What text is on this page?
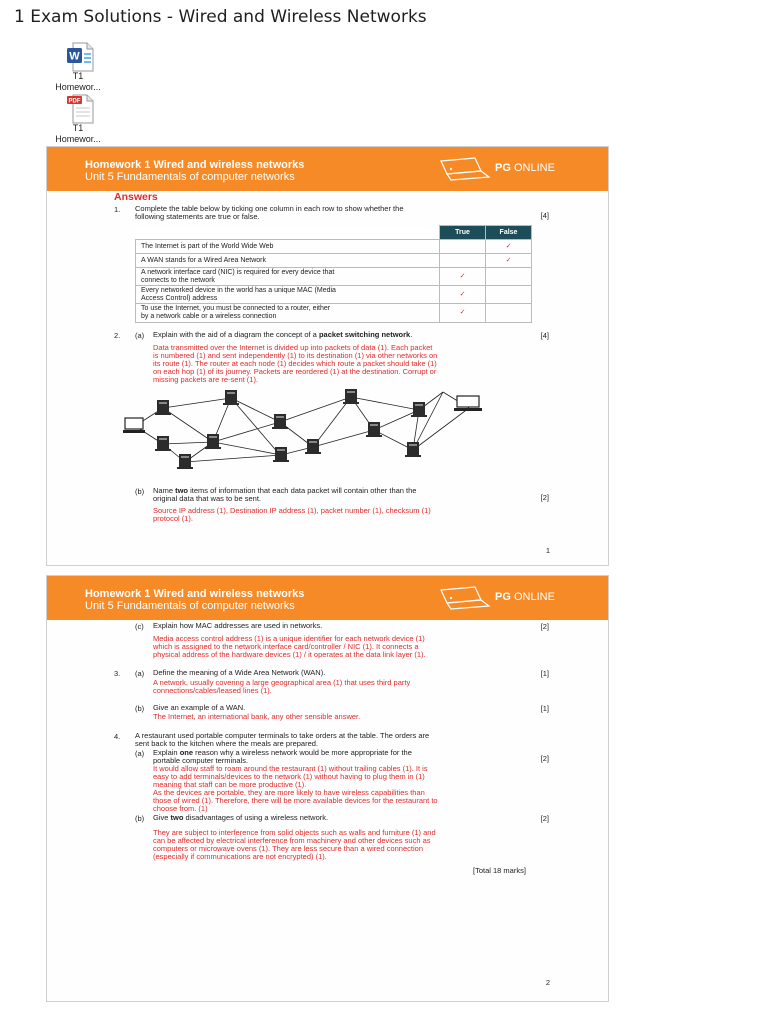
1 Exam Solutions - Wired and Wireless Networks
W
T1
Homewor...
PDF
T1
Homewor...
Homework 1 Wired and wireless networks
Unit 5 Fundamentals of computer networks
PG ONLINE
Answers
1. Complete the table below by ticking one column in each row to show whether the
following statements are true or false.	[4]
	True	False
The Internet is part of the World Wide Web		✓
A WAN stands for a Wired Area Network		✓
A network interface card (NIC) is required for every device that
connects to the network	✓	
Every networked device in the world has a unique MAC (Media
Access Control) address	✓	
To use the Internet, you must be connected to a router, either
by a network cable or a wireless connection	✓	
2. (a) Explain with the aid of a diagram the concept of a packet switching network.	[4]
Data transmitted over the Internet is divided up into packets of data (1). Each packet
is numbered (1) and sent independently (1) to its destination (1) via other networks on
its route (1). The router at each node (1) decides which route a packet should take (1)
on each hop (1) of its journey. Packets are reordered (1) at the destination. Corrupt or
missing packets are re-sent (1).
(b) Name two items of information that each data packet will contain other than the
original data that was to be sent.	[2]
Source IP address (1), Destination IP address (1), packet number (1), checksum (1)
protocol (1).
1
Homework 1 Wired and wireless networks
Unit 5 Fundamentals of computer networks
PG ONLINE
(c) Explain how MAC addresses are used in networks.	[2]
Media access control address (1) is a unique identifier for each network device (1)
which is assigned to the network interface card/controller / NIC (1). It connects a
physical address of the hardware devices (1) / it operates at the data link layer (1).
3. (a) Define the meaning of a Wide Area Network (WAN).	[1]
A network, usually covering a large geographical area (1) that uses third party
connections/cables/leased lines (1).
(b) Give an example of a WAN.	[1]
The Internet, an international bank, any other sensible answer.
4. A restaurant used portable computer terminals to take orders at the table. The orders are
sent back to the kitchen where the meals are prepared.
(a) Explain one reason why a wireless network would be more appropriate for the
portable computer terminals.	[2]
It would allow staff to roam around the restaurant (1) without trailing cables (1). It is
easy to add terminals/devices to the network (1) without having to plug them in (1)
meaning that staff can be more productive (1).
As the devices are portable, they are more likely to have wireless capabilities than
those of wired (1). Therefore, there will be more available devices for the restaurant to
choose from. (1)
(b) Give two disadvantages of using a wireless network.	[2]
They are subject to interference from solid objects such as walls and furniture (1) and
can be affected by electrical interference from machinery and other devices such as
computers or microwave ovens (1). They are less secure than a wired connection
(especially if communications are not encrypted) (1).
[Total 18 marks]
2
